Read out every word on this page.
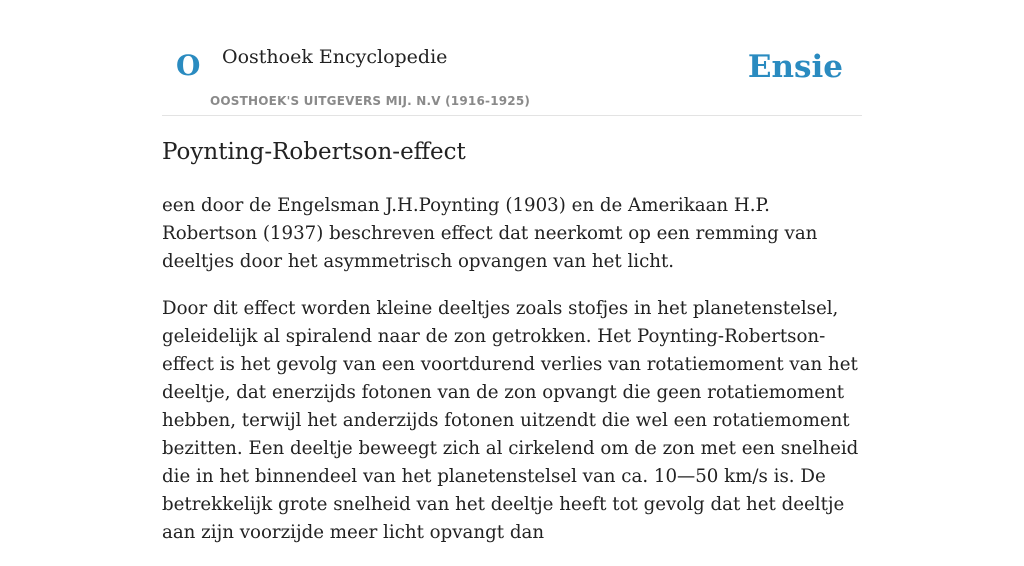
O Oosthoek Encyclopedie
OOSTHOEK'S UITGEVERS MIJ. N.V (1916-1925)
Ensie
Poynting-Robertson-effect

een door de Engelsman J.H.Poynting (1903) en de Amerikaan H.P. Robertson (1937) beschreven effect dat neerkomt op een remming van deeltjes door het asymmetrisch opvangen van het licht.

Door dit effect worden kleine deeltjes zoals stofjes in het planetenstelsel, geleidelijk al spiralend naar de zon getrokken. Het Poynting-Robertson-effect is het gevolg van een voortdurend verlies van rotatiemoment van het deeltje, dat enerzijds fotonen van de zon opvangt die geen rotatiemoment hebben, terwijl het anderzijds fotonen uitzendt die wel een rotatiemoment bezitten. Een deeltje beweegt zich al cirkelend om de zon met een snelheid die in het binnendeel van het planetenstelsel van ca. 10—50 km/s is. De betrekkelijk grote snelheid van het deeltje heeft tot gevolg dat het deeltje aan zijn voorzijde meer licht opvangt dan
